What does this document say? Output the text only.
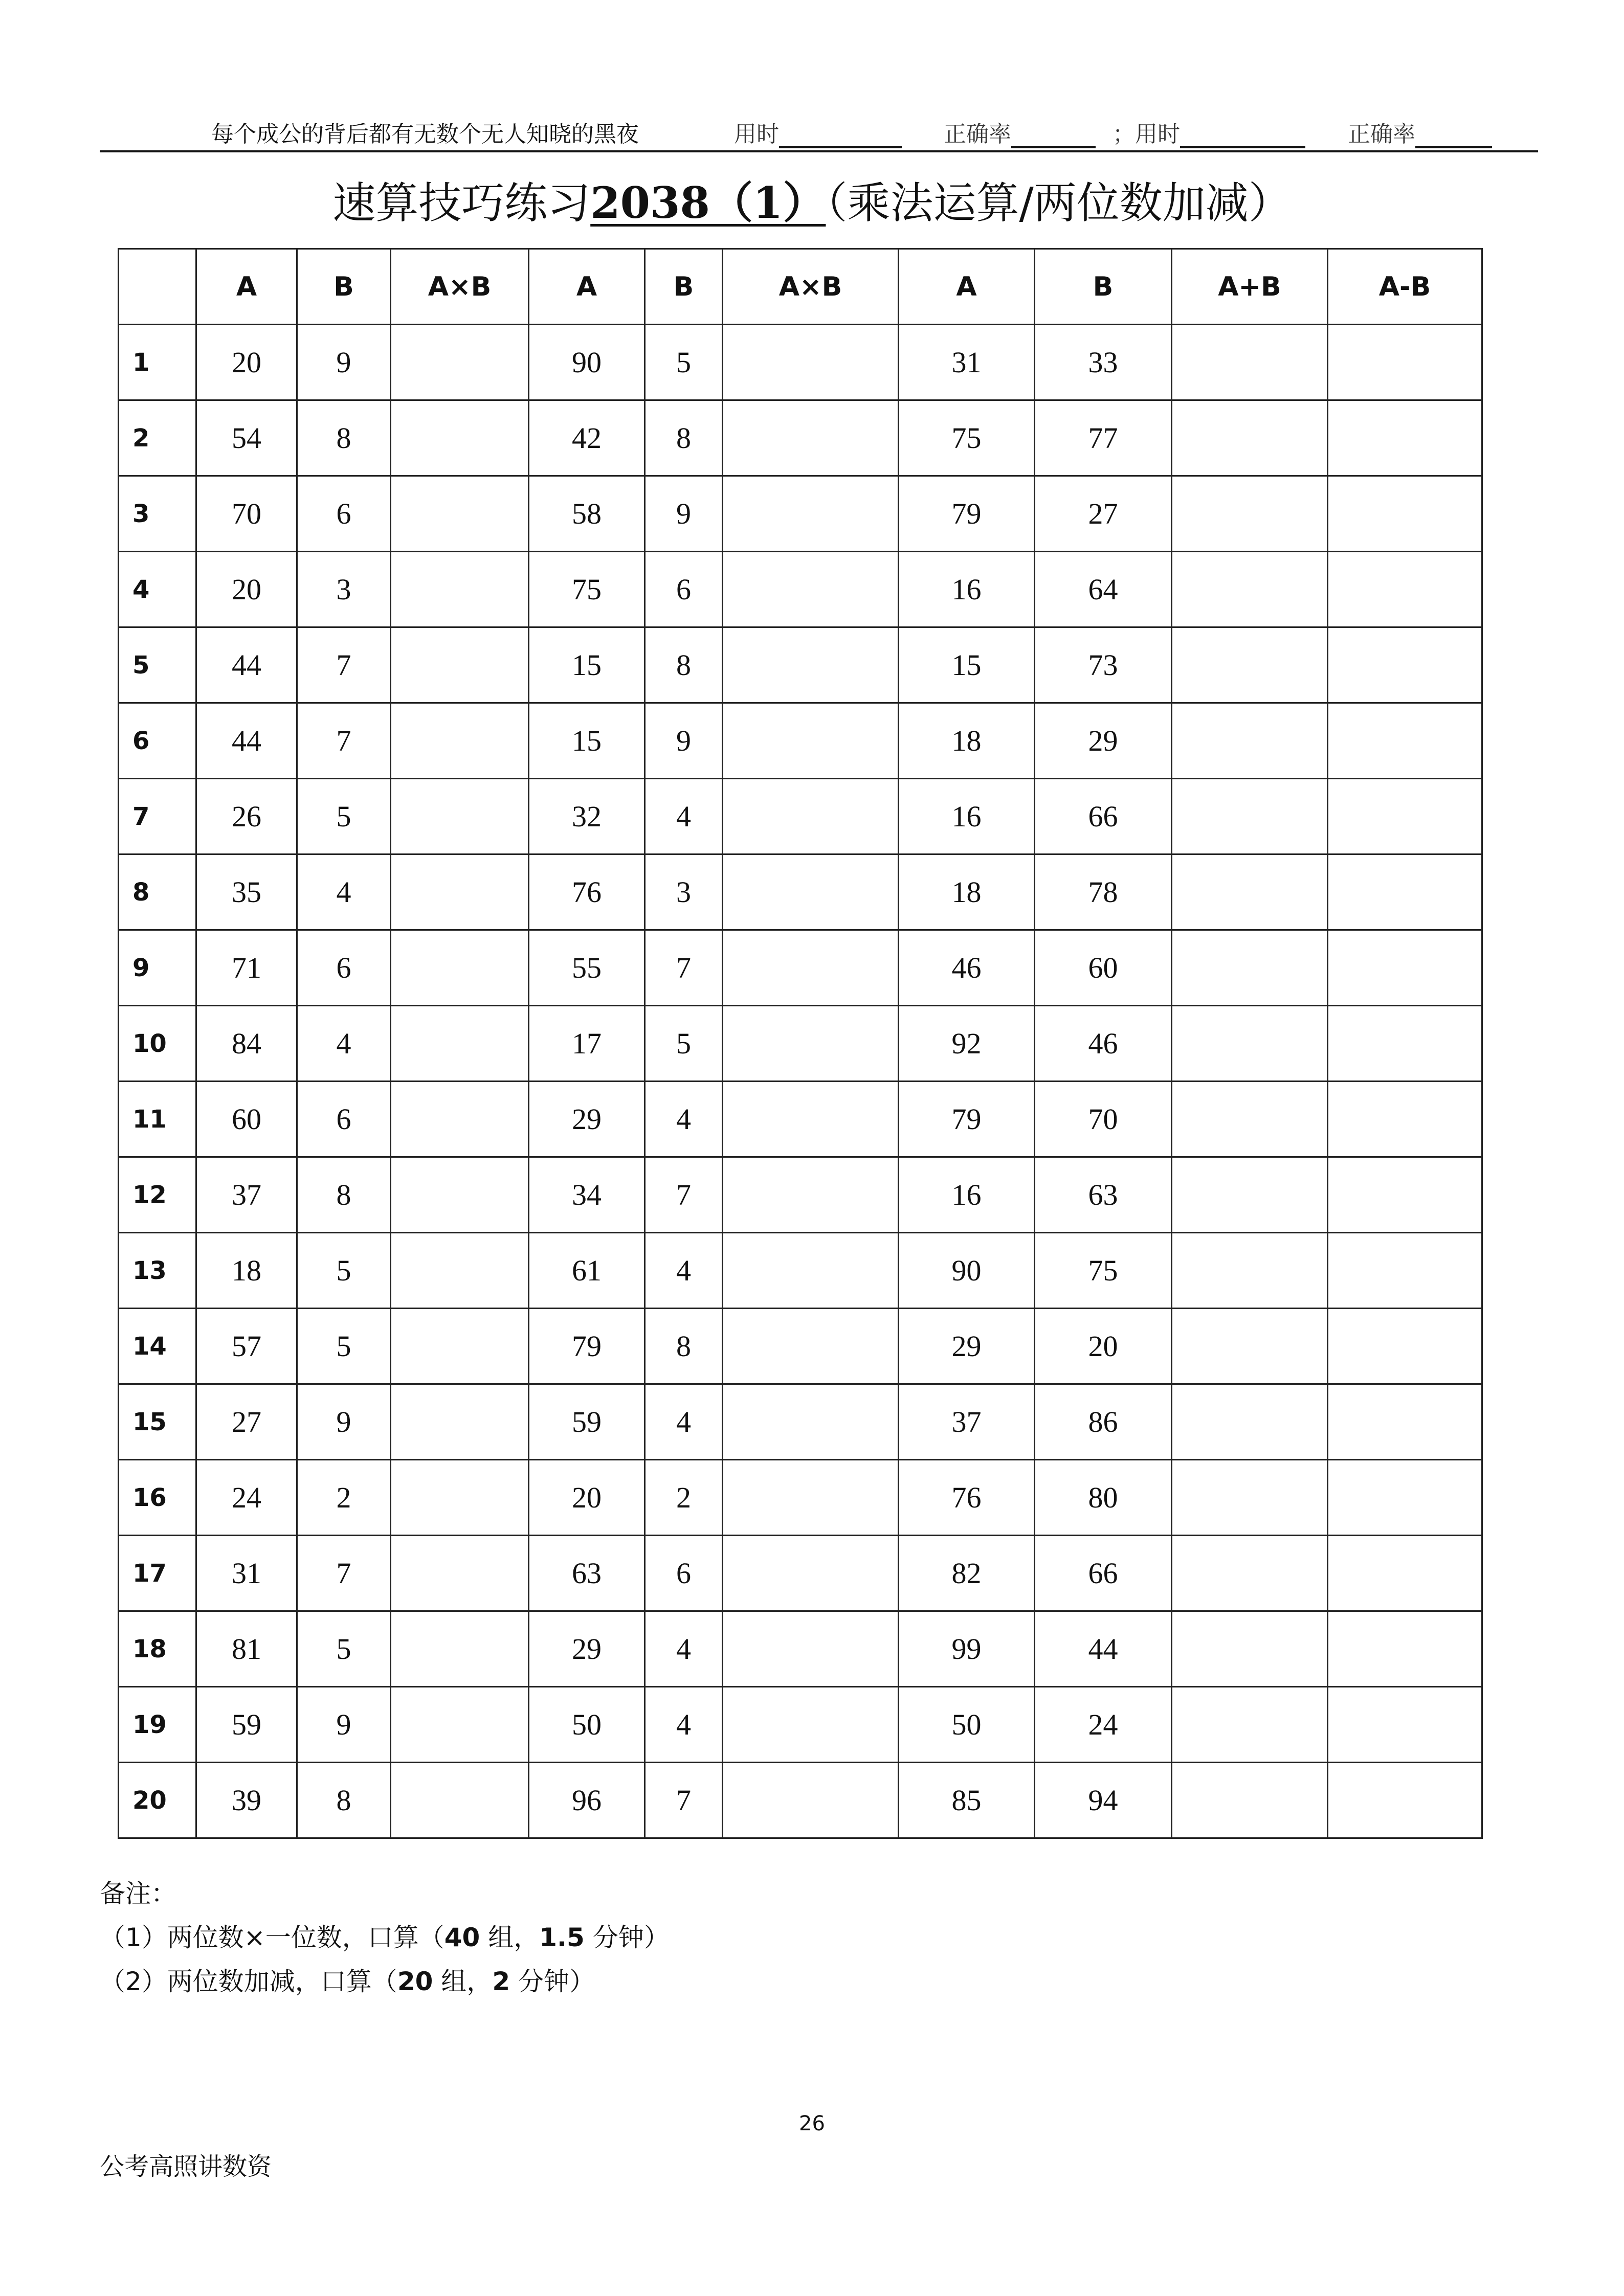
每个成公的背后都有无数个无人知晓的黑夜	用时	正确率	；用时	正确率
速算技巧练习2038（1）（乘法运算/两位数加减）
	A	B	A×B	A	B	A×B	A	B	A+B	A-B
1	20	9		90	5		31	33		
2	54	8		42	8		75	77		
3	70	6		58	9		79	27		
4	20	3		75	6		16	64		
5	44	7		15	8		15	73		
6	44	7		15	9		18	29		
7	26	5		32	4		16	66		
8	35	4		76	3		18	78		
9	71	6		55	7		46	60		
10	84	4		17	5		92	46		
11	60	6		29	4		79	70		
12	37	8		34	7		16	63		
13	18	5		61	4		90	75		
14	57	5		79	8		29	20		
15	27	9		59	4		37	86		
16	24	2		20	2		76	80		
17	31	7		63	6		82	66		
18	81	5		29	4		99	44		
19	59	9		50	4		50	24		
20	39	8		96	7		85	94		
备注：
（1）两位数×一位数，口算（40 组，1.5 分钟）
（2）两位数加减，口算（20 组，2 分钟）
26
公考高照讲数资
